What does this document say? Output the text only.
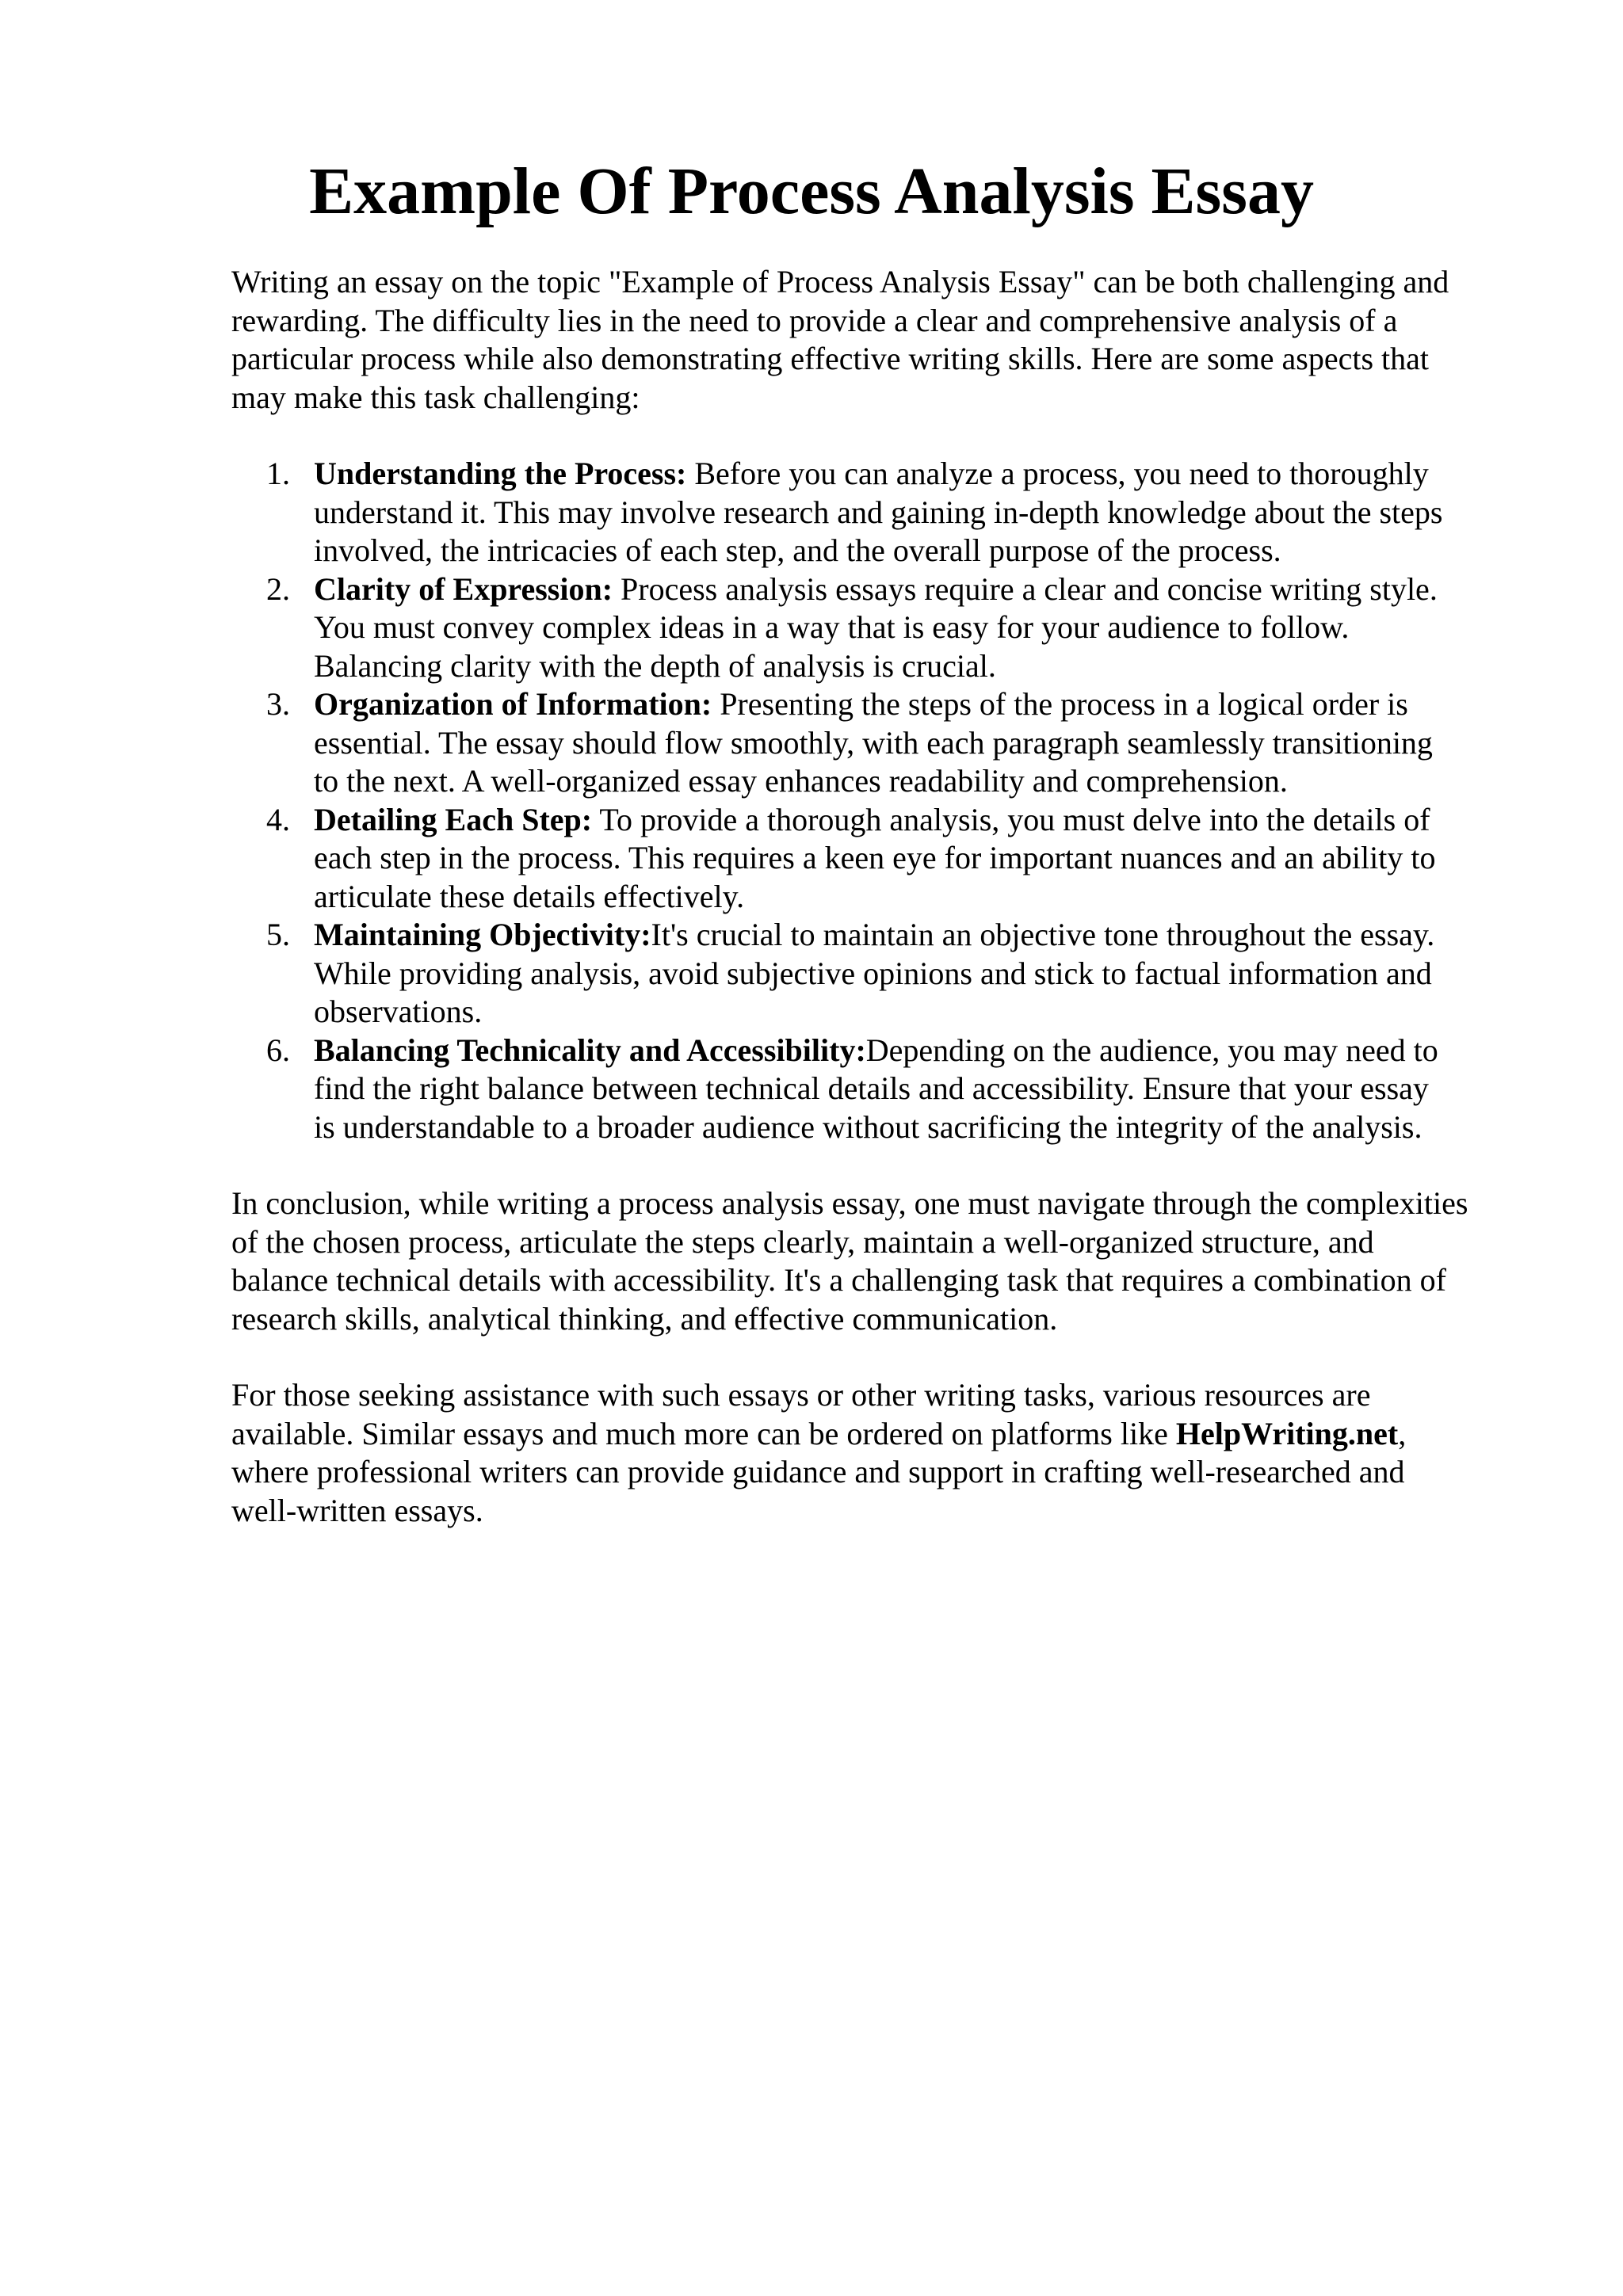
Example Of Process Analysis Essay

Writing an essay on the topic "Example of Process Analysis Essay" can be both challenging and
rewarding. The difficulty lies in the need to provide a clear and comprehensive analysis of a
particular process while also demonstrating effective writing skills. Here are some aspects that
may make this task challenging:

1. Understanding the Process: Before you can analyze a process, you need to thoroughly
understand it. This may involve research and gaining in-depth knowledge about the steps
involved, the intricacies of each step, and the overall purpose of the process.
2. Clarity of Expression: Process analysis essays require a clear and concise writing style.
You must convey complex ideas in a way that is easy for your audience to follow.
Balancing clarity with the depth of analysis is crucial.
3. Organization of Information: Presenting the steps of the process in a logical order is
essential. The essay should flow smoothly, with each paragraph seamlessly transitioning
to the next. A well-organized essay enhances readability and comprehension.
4. Detailing Each Step: To provide a thorough analysis, you must delve into the details of
each step in the process. This requires a keen eye for important nuances and an ability to
articulate these details effectively.
5. Maintaining Objectivity:It's crucial to maintain an objective tone throughout the essay.
While providing analysis, avoid subjective opinions and stick to factual information and
observations.
6. Balancing Technicality and Accessibility:Depending on the audience, you may need to
find the right balance between technical details and accessibility. Ensure that your essay
is understandable to a broader audience without sacrificing the integrity of the analysis.

In conclusion, while writing a process analysis essay, one must navigate through the complexities
of the chosen process, articulate the steps clearly, maintain a well-organized structure, and
balance technical details with accessibility. It's a challenging task that requires a combination of
research skills, analytical thinking, and effective communication.

For those seeking assistance with such essays or other writing tasks, various resources are
available. Similar essays and much more can be ordered on platforms like HelpWriting.net,
where professional writers can provide guidance and support in crafting well-researched and
well-written essays.
